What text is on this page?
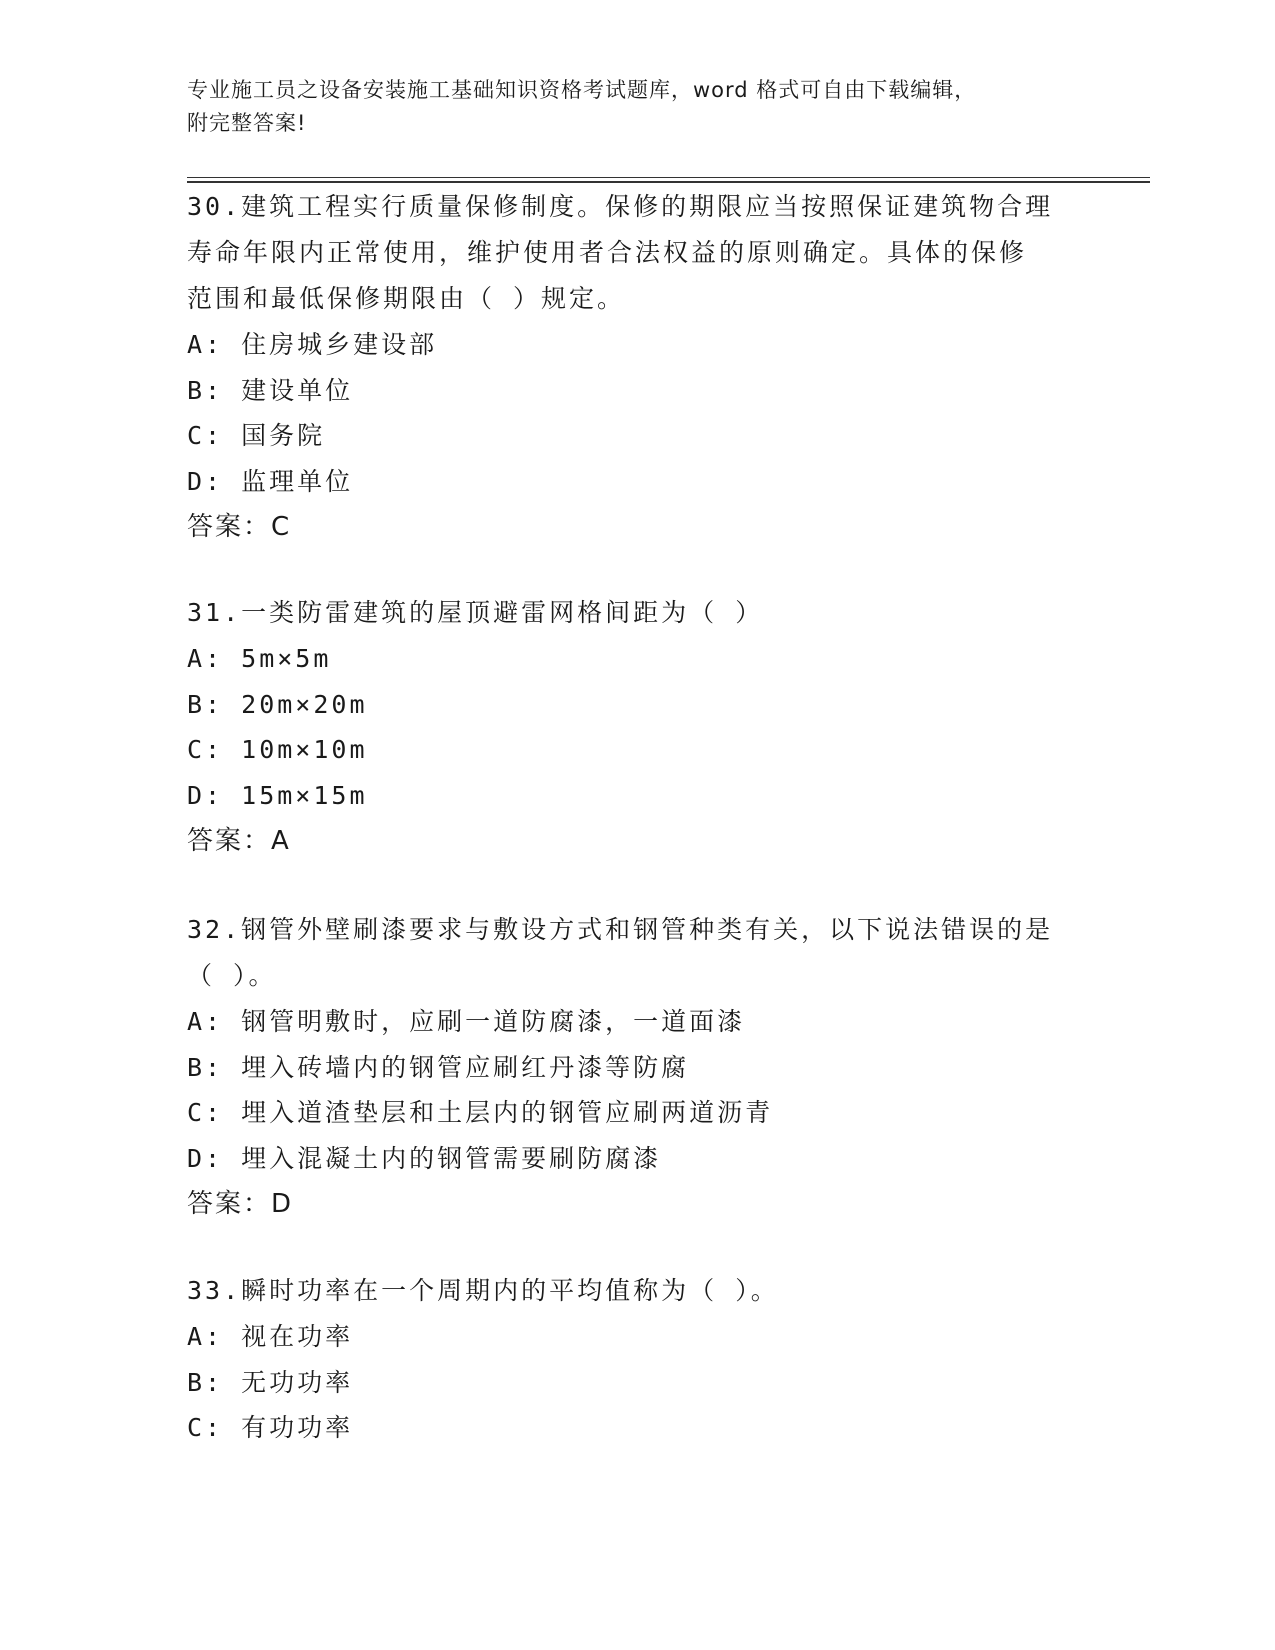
专业施工员之设备安装施工基础知识资格考试题库，word 格式可自由下载编辑，
附完整答案!
30.建筑工程实行质量保修制度。保修的期限应当按照保证建筑物合理
寿命年限内正常使用，维护使用者合法权益的原则确定。具体的保修
范围和最低保修期限由（ ）规定。
A: 住房城乡建设部
B: 建设单位
C: 国务院
D: 监理单位
答案：C
31.一类防雷建筑的屋顶避雷网格间距为（ ）
A: 5m×5m
B: 20m×20m
C: 10m×10m
D: 15m×15m
答案：A
32.钢管外壁刷漆要求与敷设方式和钢管种类有关，以下说法错误的是
（ ）。
A: 钢管明敷时，应刷一道防腐漆，一道面漆
B: 埋入砖墙内的钢管应刷红丹漆等防腐
C: 埋入道渣垫层和土层内的钢管应刷两道沥青
D: 埋入混凝土内的钢管需要刷防腐漆
答案：D
33.瞬时功率在一个周期内的平均值称为（ ）。
A: 视在功率
B: 无功功率
C: 有功功率
